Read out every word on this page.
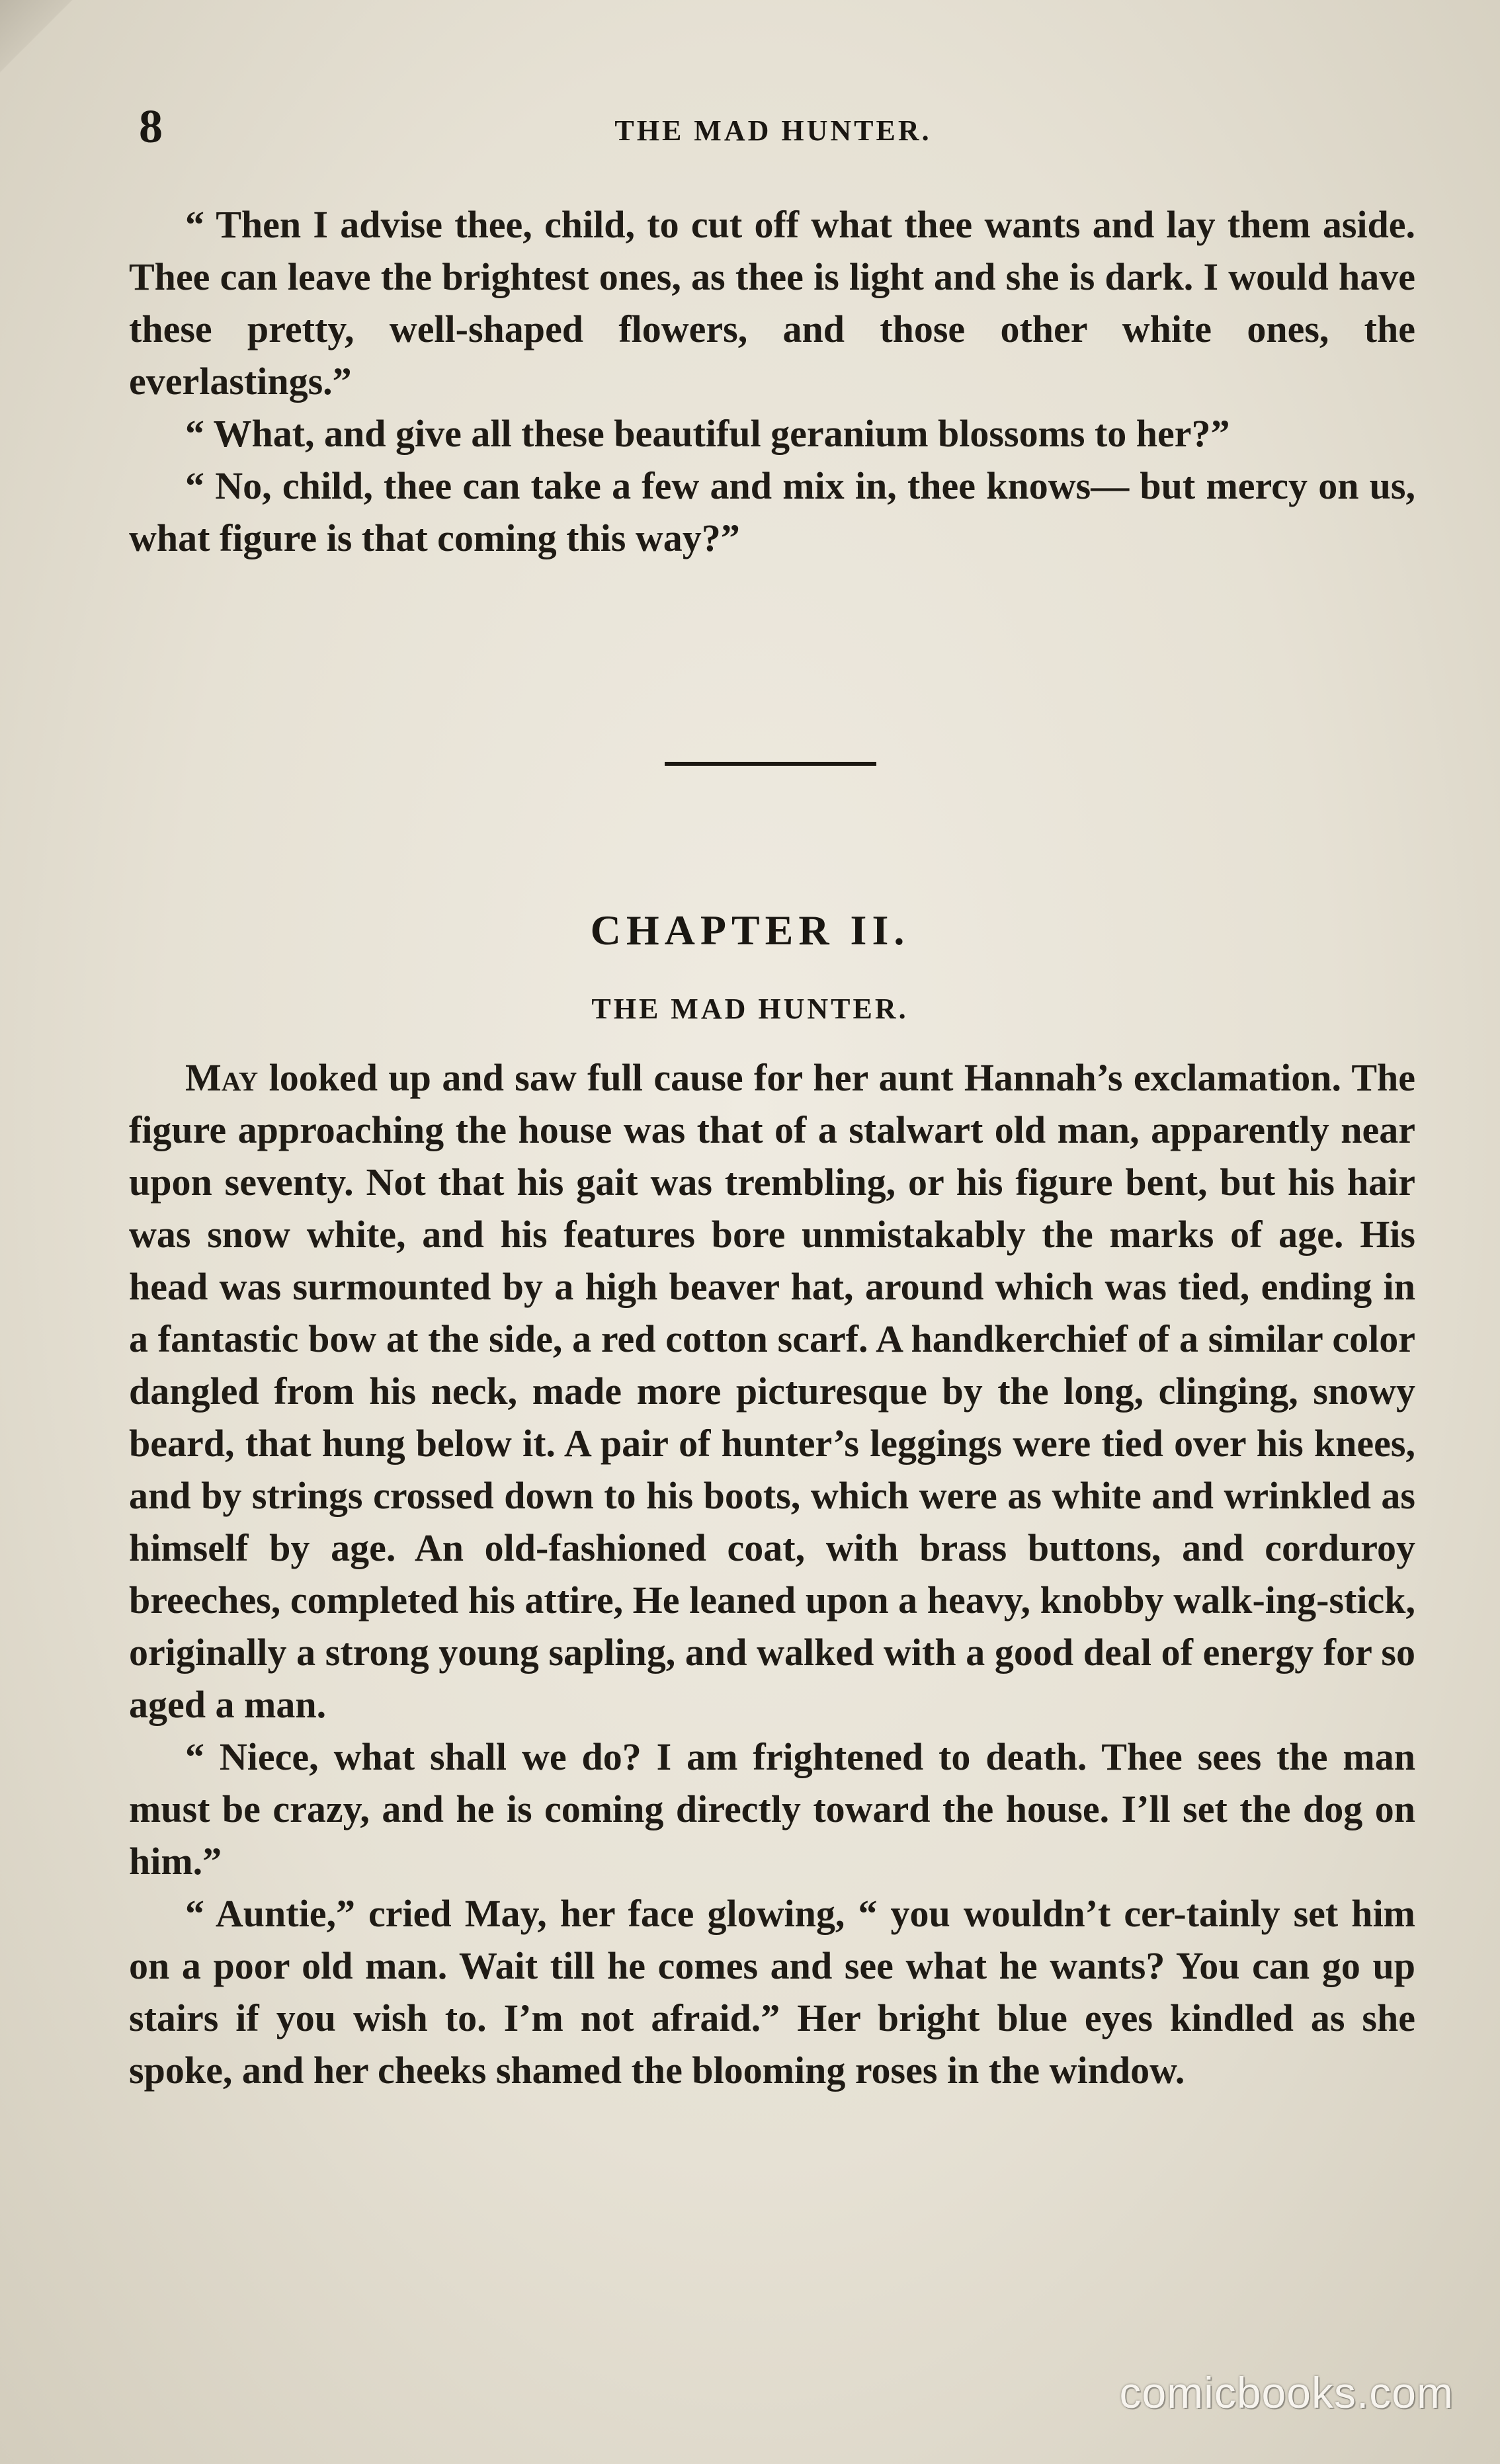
8	THE MAD HUNTER.

“ Then I advise thee, child, to cut off what thee wants and lay them aside. Thee can leave the brightest ones, as thee is light and she is dark. I would have these pretty, well-shaped flowers, and those other white ones, the everlastings.”

“ What, and give all these beautiful geranium blossoms to her?”

“ No, child, thee can take a few and mix in, thee knows— but mercy on us, what figure is that coming this way?”

CHAPTER II.
THE MAD HUNTER.

May looked up and saw full cause for her aunt Hannah’s exclamation. The figure approaching the house was that of a stalwart old man, apparently near upon seventy. Not that his gait was trembling, or his figure bent, but his hair was snow white, and his features bore unmistakably the marks of age. His head was surmounted by a high beaver hat, around which was tied, ending in a fantastic bow at the side, a red cotton scarf. A handkerchief of a similar color dangled from his neck, made more picturesque by the long, clinging, snowy beard, that hung below it. A pair of hunter’s leggings were tied over his knees, and by strings crossed down to his boots, which were as white and wrinkled as himself by age. An old-fashioned coat, with brass buttons, and corduroy breeches, completed his attire, He leaned upon a heavy, knobby walk-ing-stick, originally a strong young sapling, and walked with a good deal of energy for so aged a man.

“ Niece, what shall we do? I am frightened to death. Thee sees the man must be crazy, and he is coming directly toward the house. I’ll set the dog on him.”

“ Auntie,” cried May, her face glowing, “ you wouldn’t cer-tainly set him on a poor old man. Wait till he comes and see what he wants? You can go up stairs if you wish to. I’m not afraid.” Her bright blue eyes kindled as she spoke, and her cheeks shamed the blooming roses in the window.

comicbooks.com
